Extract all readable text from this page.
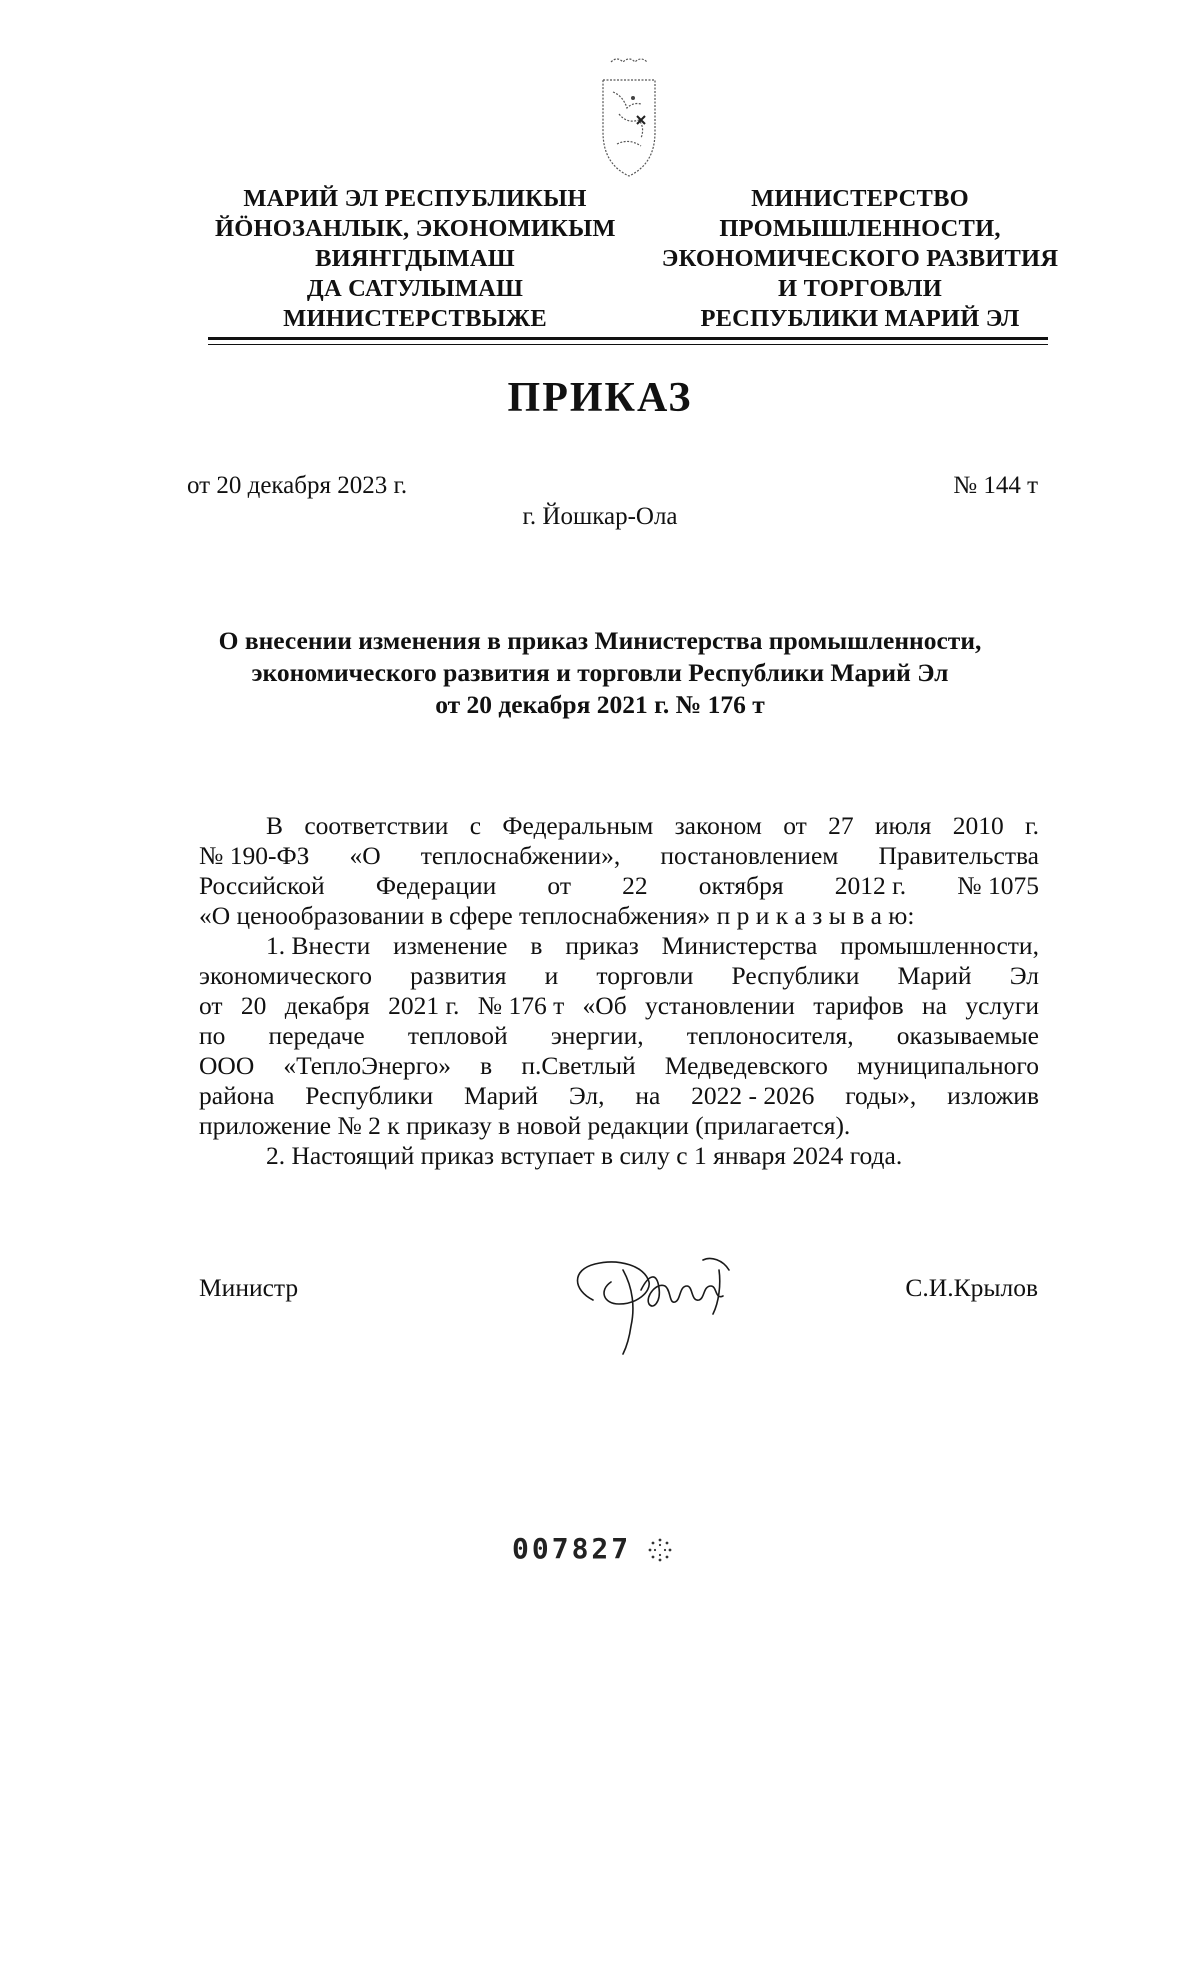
МАРИЙ ЭЛ РЕСПУБЛИКЫН
ЙÖНОЗАНЛЫК, ЭКОНОМИКЫМ
ВИЯҤГДЫМАШ
ДА САТУЛЫМАШ
МИНИСТЕРСТВЫЖЕ
МИНИСТЕРСТВО
ПРОМЫШЛЕННОСТИ,
ЭКОНОМИЧЕСКОГО РАЗВИТИЯ
И ТОРГОВЛИ
РЕСПУБЛИКИ МАРИЙ ЭЛ
ПРИКАЗ
от 20 декабря 2023 г.	№ 144 т
г. Йошкар-Ола
О внесении изменения в приказ Министерства промышленности,
экономического развития и торговли Республики Марий Эл
от 20 декабря 2021 г. № 176 т
В соответствии с Федеральным законом от 27 июля 2010 г.
№ 190-ФЗ «О теплоснабжении», постановлением Правительства
Российской Федерации от 22 октября 2012 г. № 1075
«О ценообразовании в сфере теплоснабжения» п р и к а з ы в а ю:
1. Внести изменение в приказ Министерства промышленности,
экономического развития и торговли Республики Марий Эл
от 20 декабря 2021 г. № 176 т «Об установлении тарифов на услуги
по передаче тепловой энергии, теплоносителя, оказываемые
ООО «ТеплоЭнерго» в п.Светлый Медведевского муниципального
района Республики Марий Эл, на 2022 - 2026 годы», изложив
приложение № 2 к приказу в новой редакции (прилагается).
2. Настоящий приказ вступает в силу с 1 января 2024 года.
Министр	С.И.Крылов
007827
